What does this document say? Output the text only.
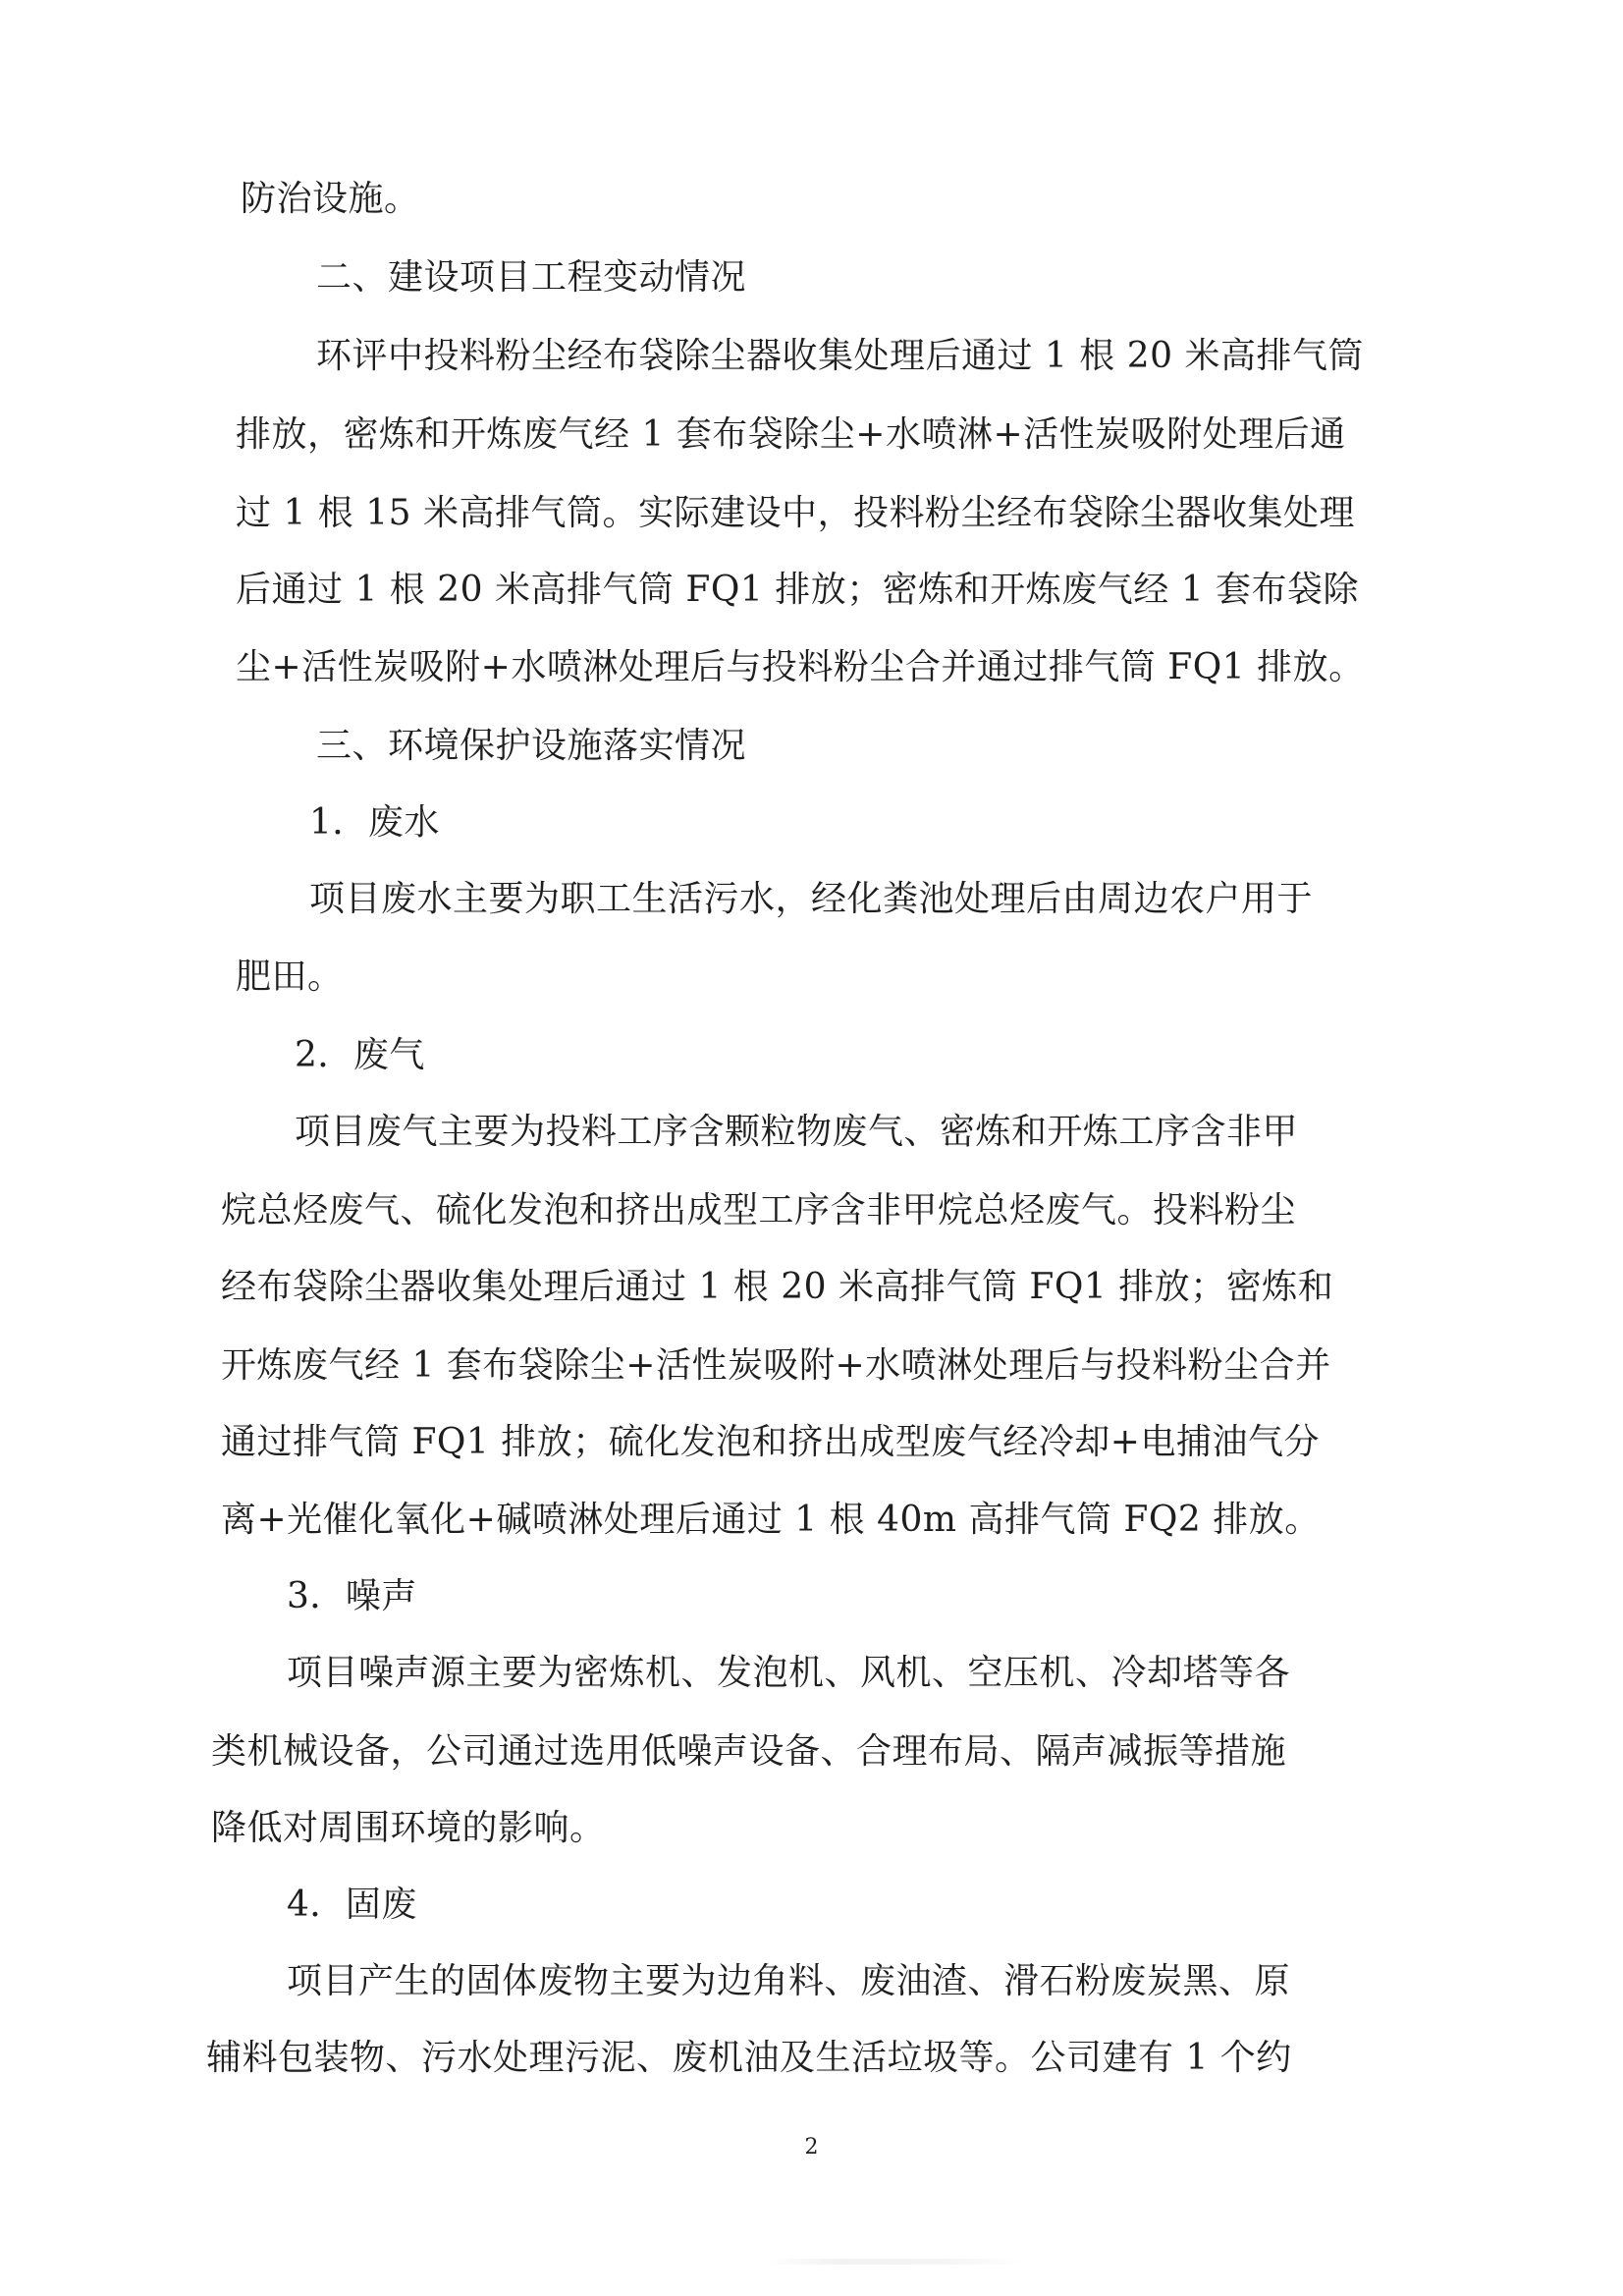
防治设施。
二、建设项目工程变动情况
环评中投料粉尘经布袋除尘器收集处理后通过 1 根 20 米高排气筒
排放，密炼和开炼废气经 1 套布袋除尘+水喷淋+活性炭吸附处理后通
过 1 根 15 米高排气筒。实际建设中，投料粉尘经布袋除尘器收集处理
后通过 1 根 20 米高排气筒 FQ1 排放；密炼和开炼废气经 1 套布袋除
尘+活性炭吸附+水喷淋处理后与投料粉尘合并通过排气筒 FQ1 排放。
三、环境保护设施落实情况
1．废水
项目废水主要为职工生活污水，经化粪池处理后由周边农户用于
肥田。
2．废气
项目废气主要为投料工序含颗粒物废气、密炼和开炼工序含非甲
烷总烃废气、硫化发泡和挤出成型工序含非甲烷总烃废气。投料粉尘
经布袋除尘器收集处理后通过 1 根 20 米高排气筒 FQ1 排放；密炼和
开炼废气经 1 套布袋除尘+活性炭吸附+水喷淋处理后与投料粉尘合并
通过排气筒 FQ1 排放；硫化发泡和挤出成型废气经冷却+电捕油气分
离+光催化氧化+碱喷淋处理后通过 1 根 40m 高排气筒 FQ2 排放。
3．噪声
项目噪声源主要为密炼机、发泡机、风机、空压机、冷却塔等各
类机械设备，公司通过选用低噪声设备、合理布局、隔声减振等措施
降低对周围环境的影响。
4．固废
项目产生的固体废物主要为边角料、废油渣、滑石粉废炭黑、原
辅料包装物、污水处理污泥、废机油及生活垃圾等。公司建有 1 个约
2
